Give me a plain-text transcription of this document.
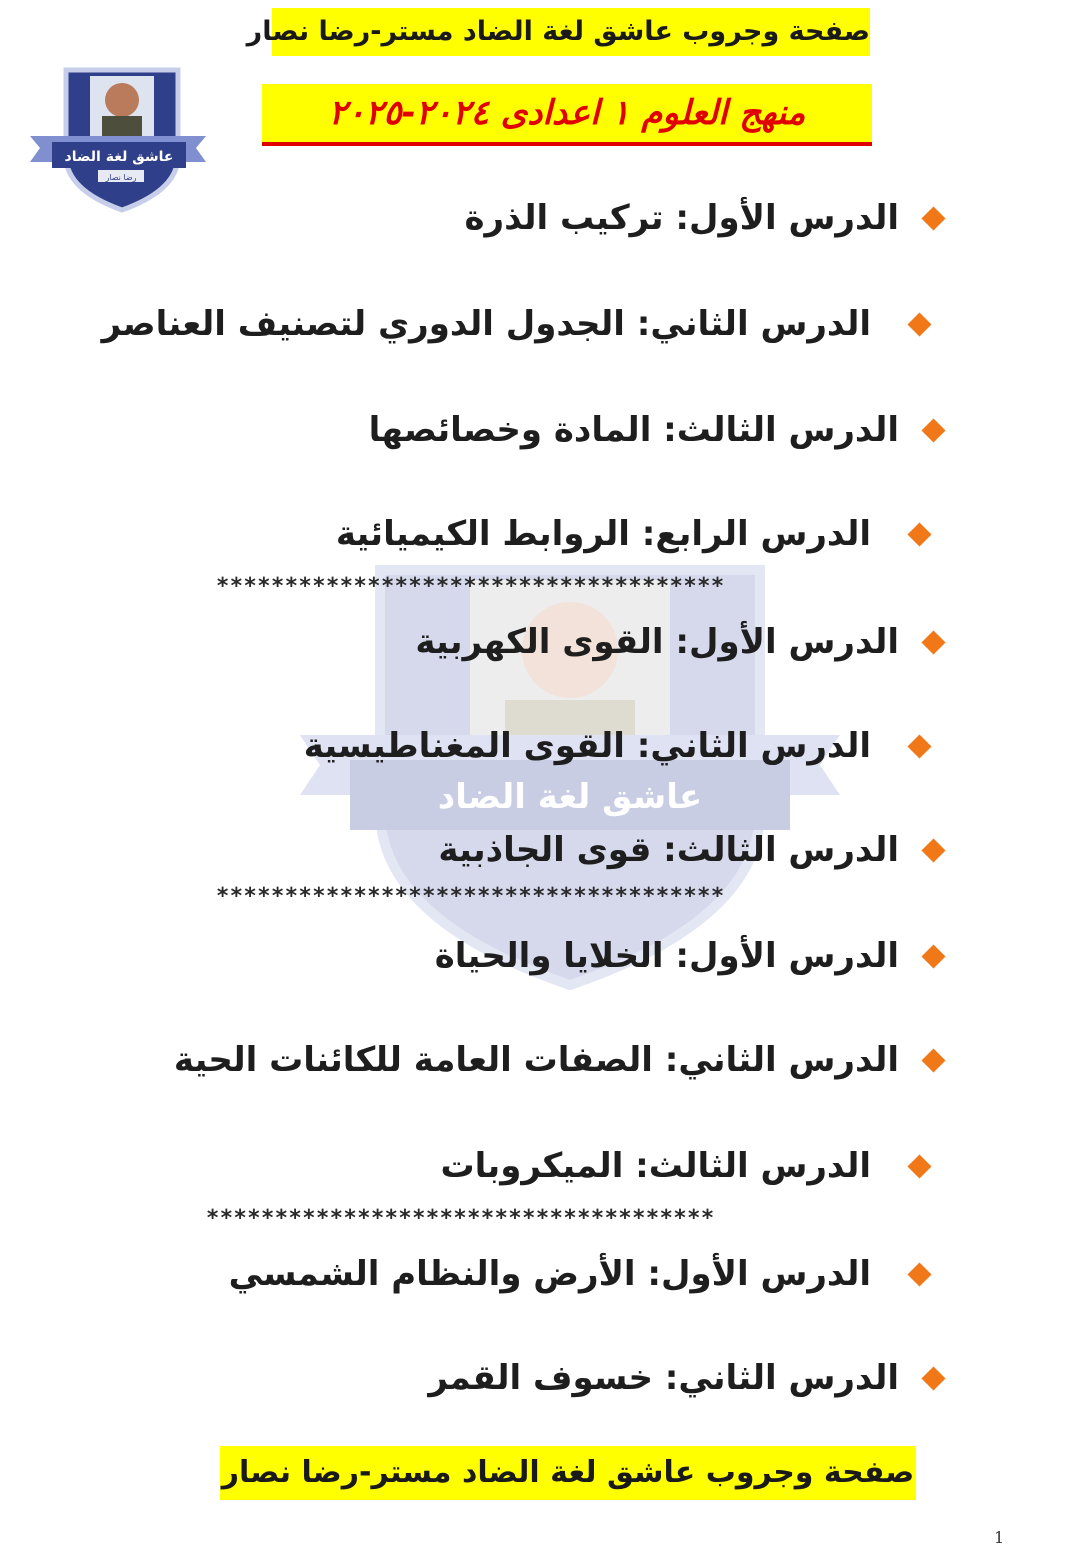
عاشق لغة الضاد
عاشق لغة الضاد
رضا نصار
صفحة وجروب عاشق لغة الضاد مستر-رضا نصار
منهج العلوم ١ اعدادى ٢٠٢٤-٢٠٢٥
الدرس الأول: تركيب الذرة
الدرس الثاني: الجدول الدوري لتصنيف العناصر
الدرس الثالث: المادة وخصائصها
الدرس الرابع: الروابط الكيميائية
*************************************
الدرس الأول: القوى الكهربية
الدرس الثاني: القوى المغناطيسية
الدرس الثالث: قوى الجاذبية
*************************************
الدرس الأول: الخلايا والحياة
الدرس الثاني: الصفات العامة للكائنات الحية
الدرس الثالث: الميكروبات
*************************************
الدرس الأول: الأرض والنظام الشمسي
الدرس الثاني: خسوف القمر
صفحة وجروب عاشق لغة الضاد مستر-رضا نصار
1
